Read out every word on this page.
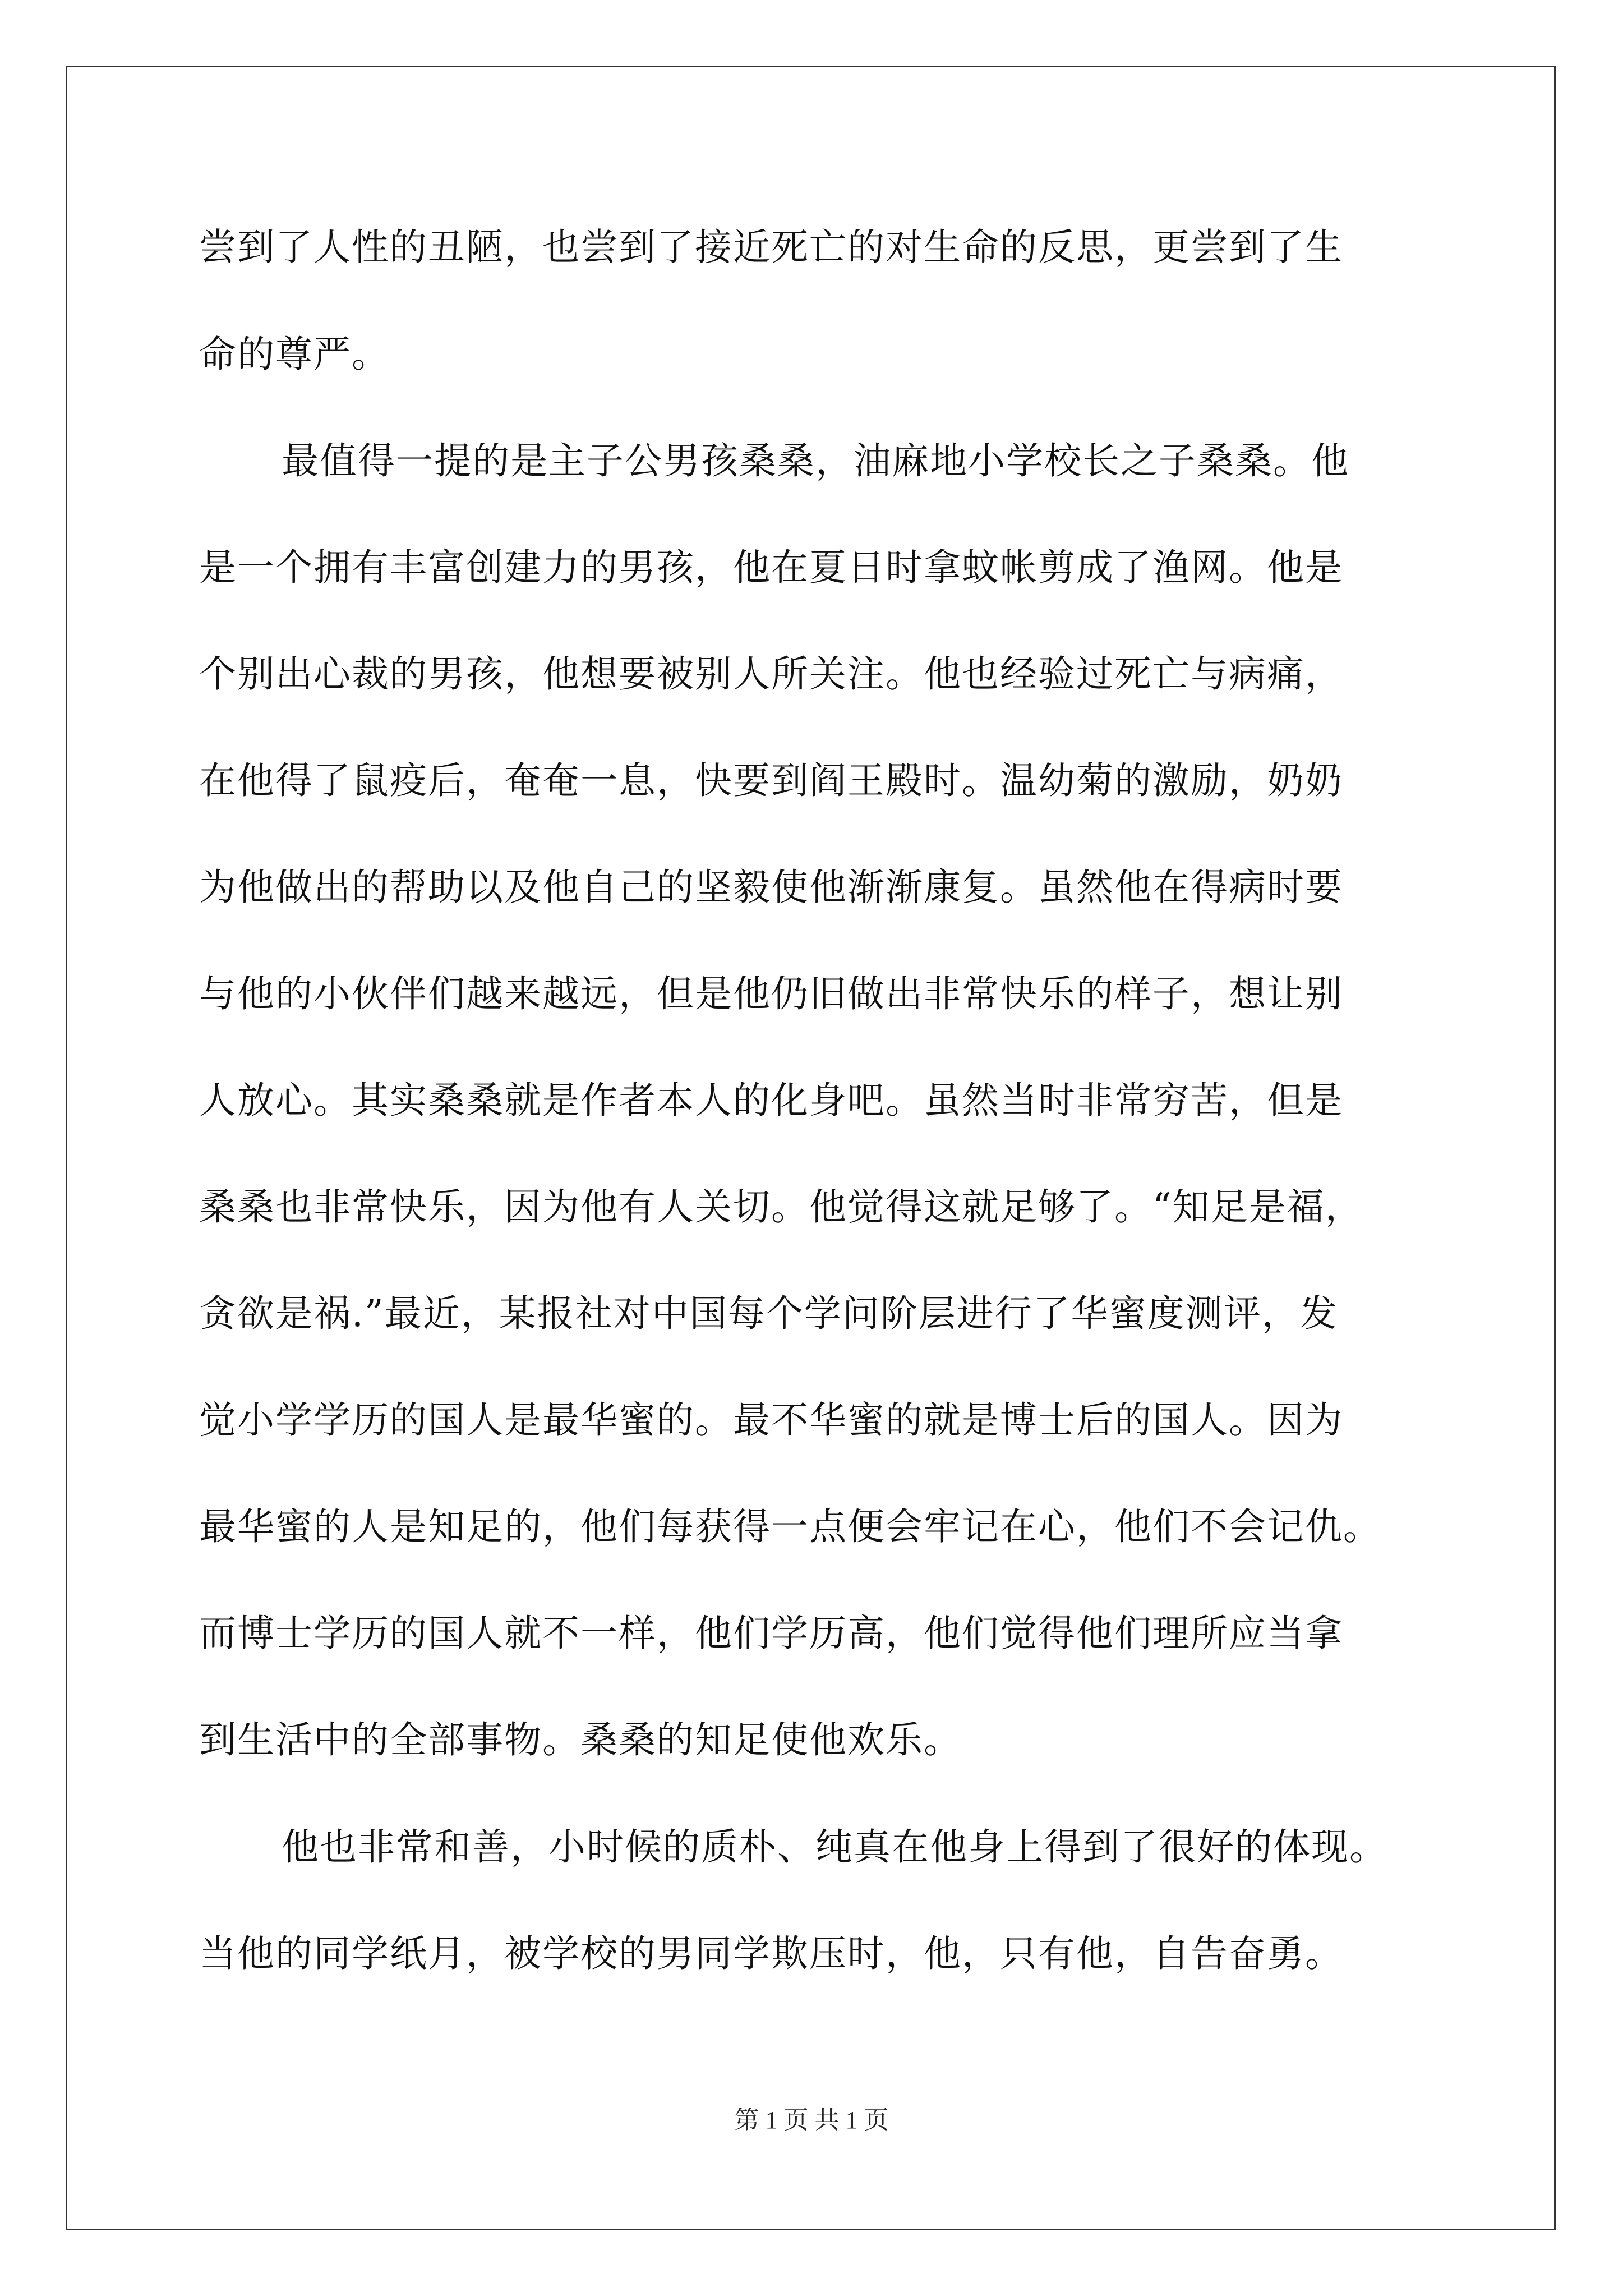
尝到了人性的丑陋，也尝到了接近死亡的对生命的反思，更尝到了生
命的尊严。
最值得一提的是主子公男孩桑桑，油麻地小学校长之子桑桑。他
是一个拥有丰富创建力的男孩，他在夏日时拿蚊帐剪成了渔网。他是
个别出心裁的男孩，他想要被别人所关注。他也经验过死亡与病痛，
在他得了鼠疫后，奄奄一息，快要到阎王殿时。温幼菊的激励，奶奶
为他做出的帮助以及他自己的坚毅使他渐渐康复。虽然他在得病时要
与他的小伙伴们越来越远，但是他仍旧做出非常快乐的样子，想让别
人放心。其实桑桑就是作者本人的化身吧。虽然当时非常穷苦，但是
桑桑也非常快乐，因为他有人关切。他觉得这就足够了。“知足是福，
贪欲是祸.”最近，某报社对中国每个学问阶层进行了华蜜度测评，发
觉小学学历的国人是最华蜜的。最不华蜜的就是博士后的国人。因为
最华蜜的人是知足的，他们每获得一点便会牢记在心，他们不会记仇。
而博士学历的国人就不一样，他们学历高，他们觉得他们理所应当拿
到生活中的全部事物。桑桑的知足使他欢乐。
他也非常和善，小时候的质朴、纯真在他身上得到了很好的体现。
当他的同学纸月，被学校的男同学欺压时，他，只有他，自告奋勇。
第 1 页 共 1 页
